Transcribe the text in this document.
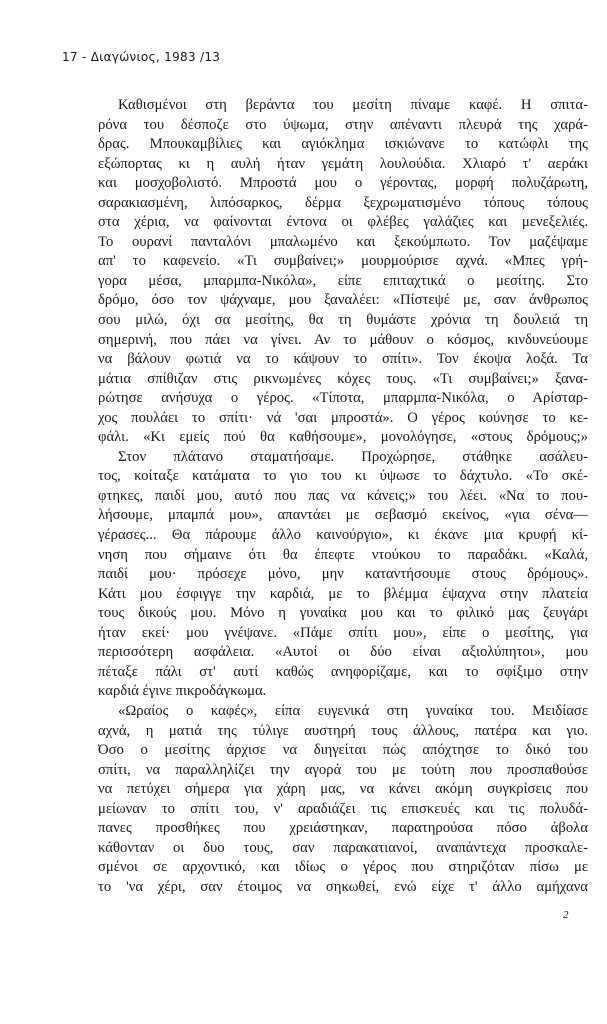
17 - Διαγώνιος, 1983 /13
Καθισμένοι στη βεράντα του μεσίτη πίναμε καφέ. Η σπιτα-
ρόνα του δέσποζε στο ύψωμα, στην απέναντι πλευρά της χαρά-
δρας. Μπουκαμβίλιες και αγιόκλημα ισκιώνανε το κατώφλι της
εξώπορτας κι η αυλή ήταν γεμάτη λουλούδια. Χλιαρό τ' αεράκι
και μοσχοβολιστό. Μπροστά μου ο γέροντας, μορφή πολυζάρωτη,
σαρακιασμένη, λιπόσαρκος, δέρμα ξεχρωματισμένο τόπους τόπους
στα χέρια, να φαίνονται έντονα οι φλέβες γαλάζιες και μενεξελιές.
Το ουρανί πανταλόνι μπαλωμένο και ξεκούμπωτο. Τον μαζέψαμε
απ' το καφενείο. «Τι συμβαίνει;» μουρμούρισε αχνά. «Μπες γρή-
γορα μέσα, μπαρμπα-Νικόλα», είπε επιταχτικά ο μεσίτης. Στο
δρόμο, όσο τον ψάχναμε, μου ξαναλέει: «Πίστεψέ με, σαν άνθρωπος
σου μιλώ, όχι σα μεσίτης, θα τη θυμάστε χρόνια τη δουλειά τη
σημερινή, που πάει να γίνει. Αν το μάθουν ο κόσμος, κινδυνεύουμε
να βάλουν φωτιά να το κάψουν το σπίτι». Τον έκοψα λοξά. Τα
μάτια σπίθιζαν στις ρικνωμένες κόχες τους. «Τι συμβαίνει;» ξανα-
ρώτησε ανήσυχα ο γέρος. «Τίποτα, μπαρμπα-Νικόλα, ο Αρίσταρ-
χος πουλάει το σπίτι· νά 'σαι μπροστά». Ο γέρος κούνησε το κε-
φάλι. «Κι εμείς πού θα καθήσουμε», μονολόγησε, «στους δρόμους;»
Στον πλάτανο σταματήσαμε. Προχώρησε, στάθηκε ασάλευ-
τος, κοίταξε κατάματα το γιο του κι ύψωσε το δάχτυλο. «Το σκέ-
φτηκες, παιδί μου, αυτό που πας να κάνεις;» του λέει. «Να το που-
λήσουμε, μπαμπά μου», απαντάει με σεβασμό εκείνος, «για σένα—
γέρασες... Θα πάρουμε άλλο καινούργιο», κι έκανε μια κρυφή κί-
νηση που σήμαινε ότι θα έπεφτε ντούκου το παραδάκι. «Καλά,
παιδί μου· πρόσεχε μόνο, μην καταντήσουμε στους δρόμους».
Κάτι μου έσφιγγε την καρδιά, με το βλέμμα έψαχνα στην πλατεία
τους δικούς μου. Μόνο η γυναίκα μου και το φιλικό μας ζευγάρι
ήταν εκεί· μου γνέψανε. «Πάμε σπίτι μου», είπε ο μεσίτης, για
περισσότερη ασφάλεια. «Αυτοί οι δύο είναι αξιολύπητοι», μου
πέταξε πάλι στ' αυτί καθώς ανηφορίζαμε, και το σφίξιμο στην
καρδιά έγινε πικροδάγκωμα.
«Ωραίος ο καφές», είπα ευγενικά στη γυναίκα του. Μειδίασε
αχνά, η ματιά της τύλιγε αυστηρή τους άλλους, πατέρα και γιο.
Όσο ο μεσίτης άρχισε να διηγείται πώς απόχτησε το δικό του
σπίτι, να παραλληλίζει την αγορά του με τούτη που προσπαθούσε
να πετύχει σήμερα για χάρη μας, να κάνει ακόμη συγκρίσεις που
μείωναν το σπίτι του, ν' αραδιάζει τις επισκευές και τις πολυδά-
πανες προσθήκες που χρειάστηκαν, παρατηρούσα πόσο άβολα
κάθονταν οι δυο τους, σαν παρακατιανοί, αναπάντεχα προσκαλε-
σμένοι σε αρχοντικό, και ιδίως ο γέρος που στηριζόταν πίσω με
το 'να χέρι, σαν έτοιμος να σηκωθεί, ενώ είχε τ' άλλο αμήχανα
2
